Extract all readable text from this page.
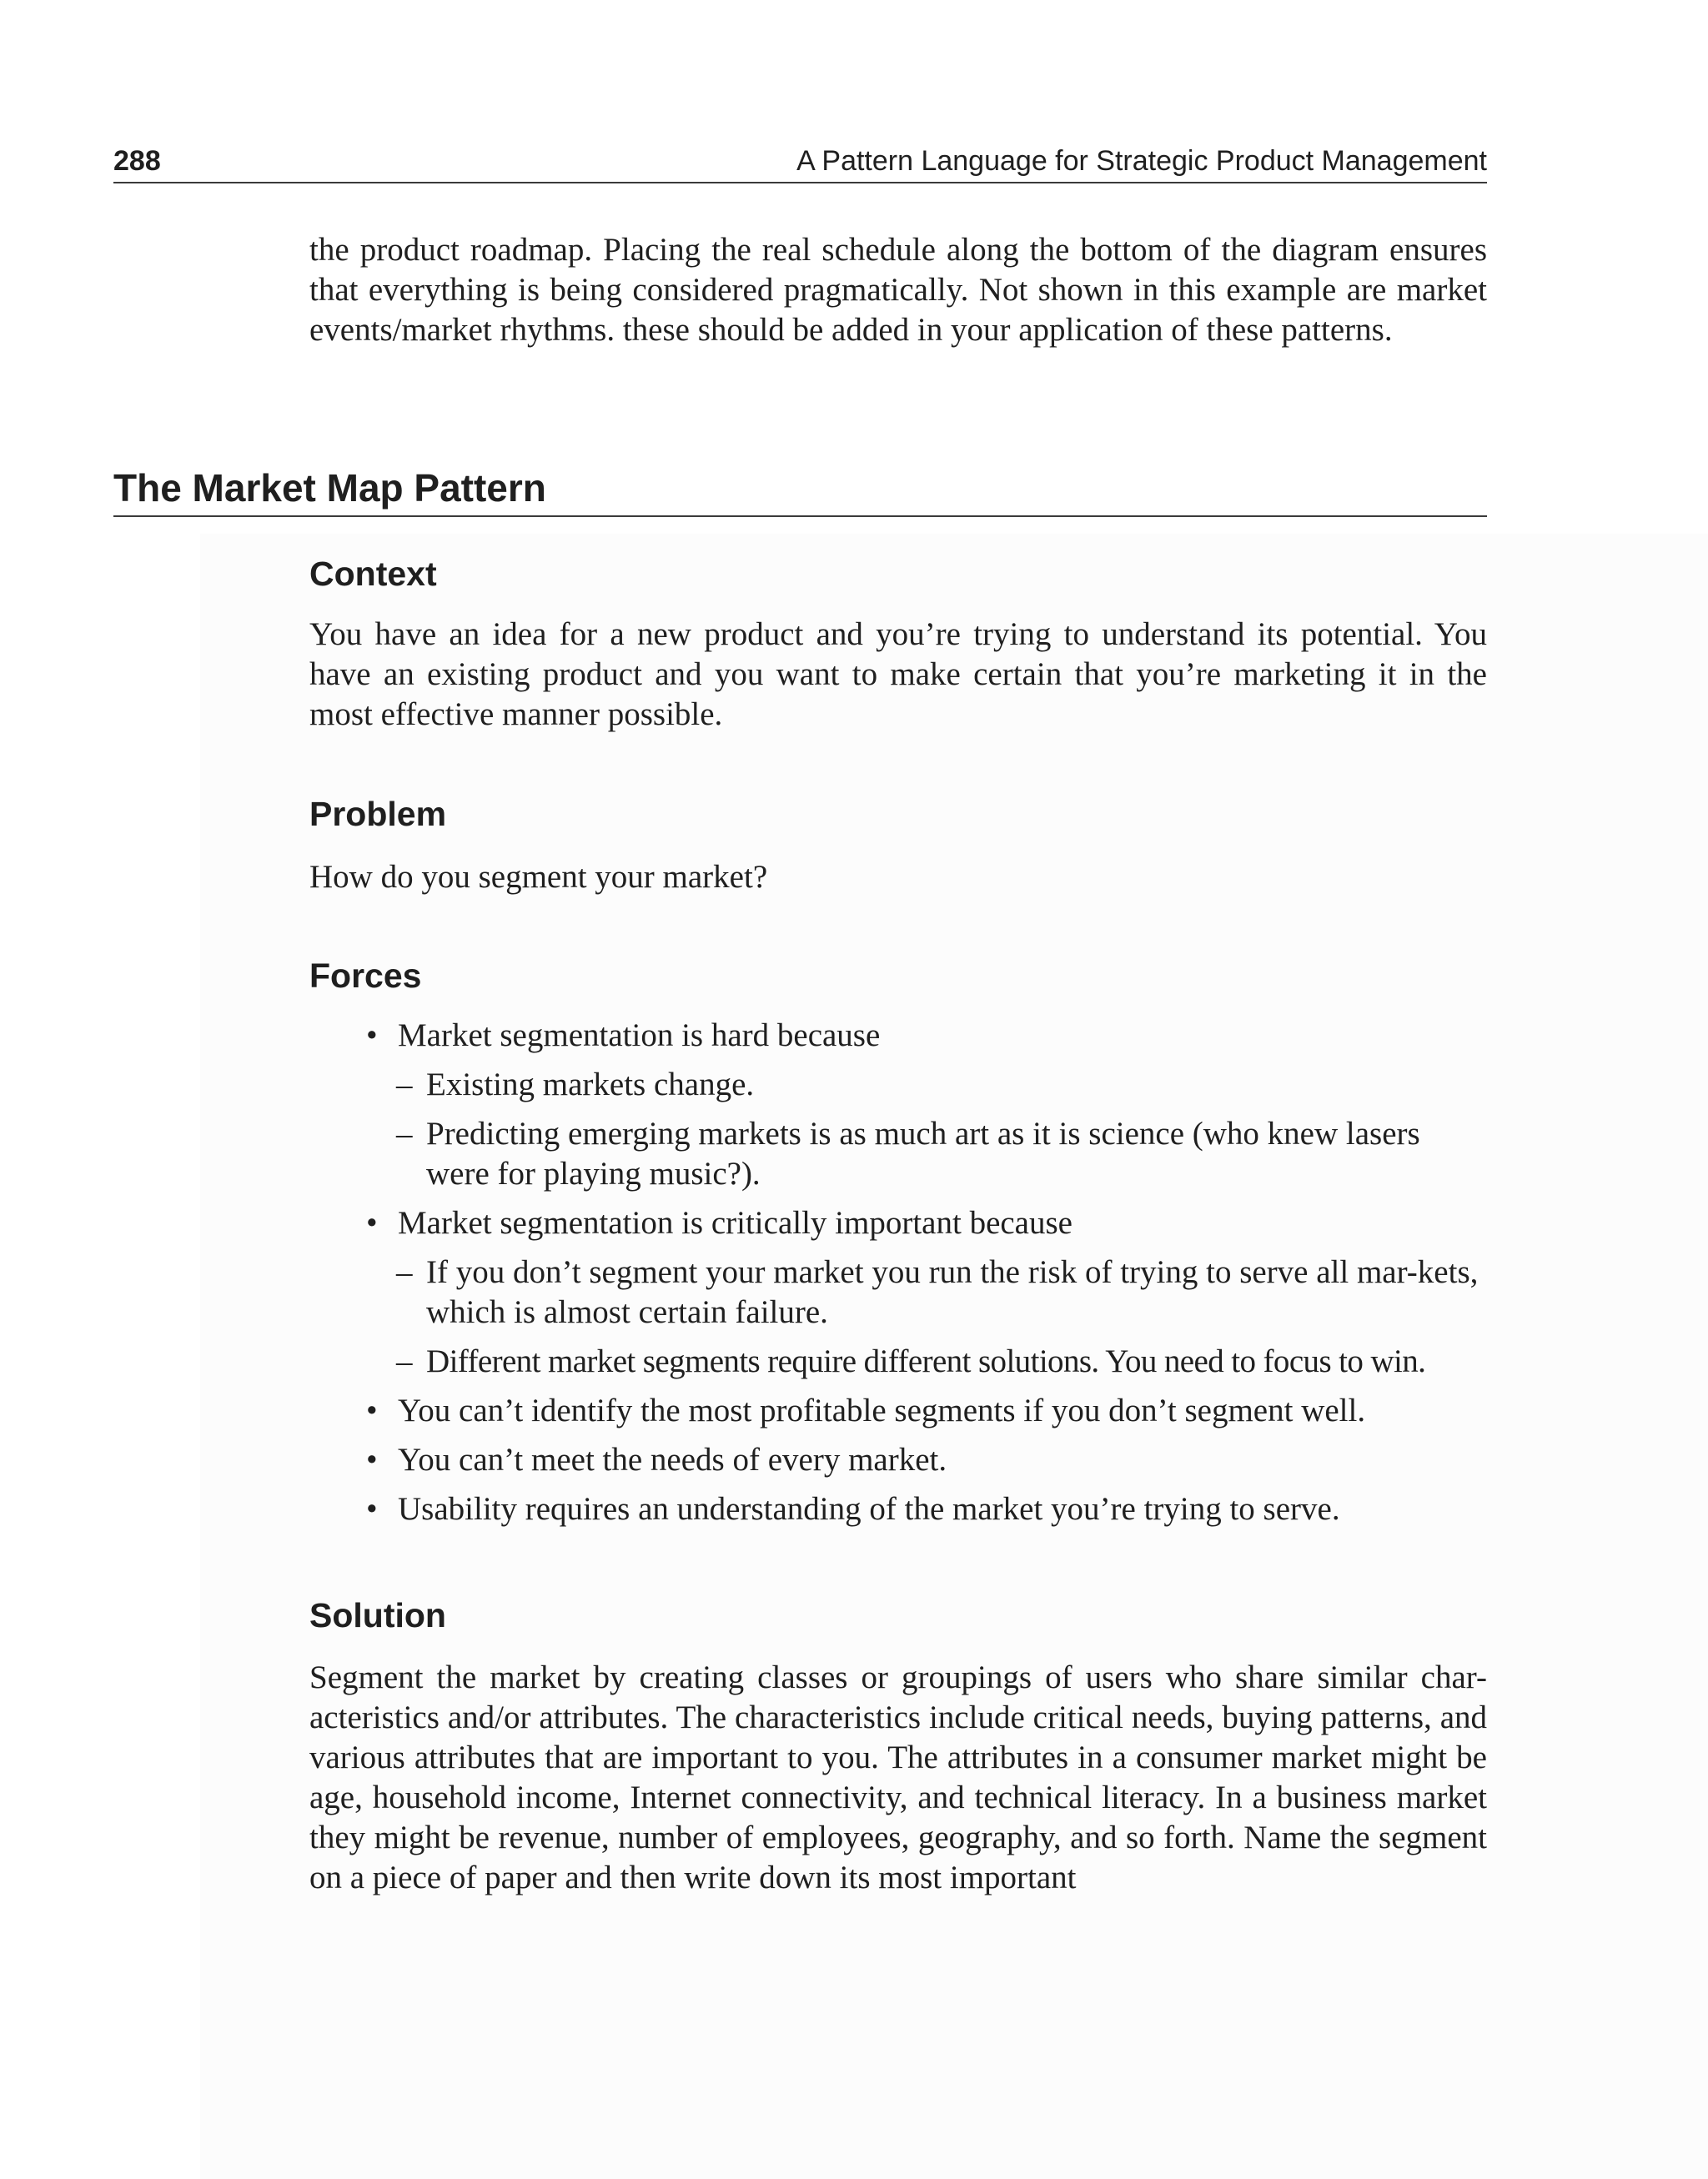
288	A Pattern Language for Strategic Product Management

the product roadmap. Placing the real schedule along the bottom of the diagram ensures that everything is being considered pragmatically. Not shown in this example are market events/market rhythms. these should be added in your application of these patterns.

The Market Map Pattern
Context

You have an idea for a new product and you’re trying to understand its potential. You have an existing product and you want to make certain that you’re marketing it in the most effective manner possible.

Problem

How do you segment your market?

Forces
• Market segmentation is hard because
– Existing markets change.
– Predicting emerging markets is as much art as it is science (who knew lasers were for playing music?).
• Market segmentation is critically important because
– If you don’t segment your market you run the risk of trying to serve all mar-kets, which is almost certain failure.
– Different market segments require different solutions. You need to focus to win.
• You can’t identify the most profitable segments if you don’t segment well.
• You can’t meet the needs of every market.
• Usability requires an understanding of the market you’re trying to serve.
Solution

Segment the market by creating classes or groupings of users who share similar char-acteristics and/or attributes. The characteristics include critical needs, buying patterns, and various attributes that are important to you. The attributes in a consumer market might be age, household income, Internet connectivity, and technical literacy. In a business market they might be revenue, number of employees, geography, and so forth. Name the segment on a piece of paper and then write down its most important
